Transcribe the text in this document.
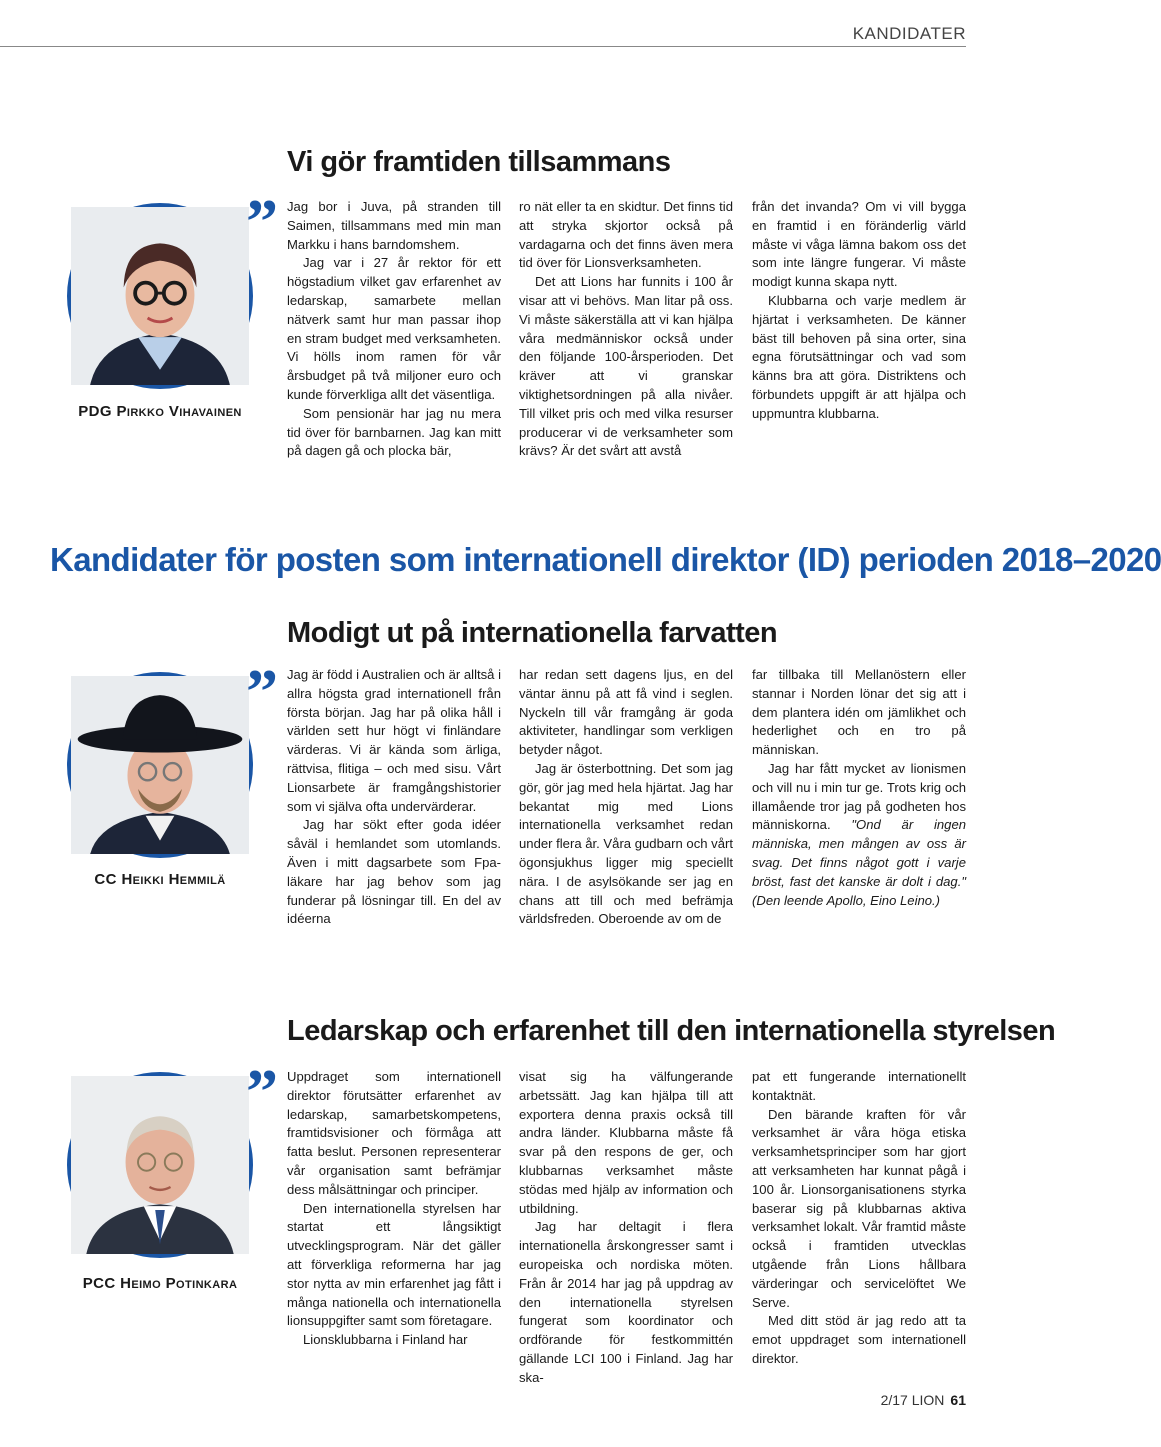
KANDIDATER
Vi gör framtiden tillsammans
PDG Pirkko Vihavainen
” Jag bor i Juva, på stranden till Saimen, tillsammans med min man Markku i hans barndomshem.

Jag var i 27 år rektor för ett högstadium vilket gav erfarenhet av ledarskap, samarbete mellan nätverk samt hur man passar ihop en stram budget med verksamheten. Vi hölls inom ramen för vår årsbudget på två miljoner euro och kunde förverkliga allt det väsentliga.

Som pensionär har jag nu mera tid över för barnbarnen. Jag kan mitt på dagen gå och plocka bär,

ro nät eller ta en skidtur. Det finns tid att stryka skjortor också på vardagarna och det finns även mera tid över för Lionsverksamheten.

Det att Lions har funnits i 100 år visar att vi behövs. Man litar på oss. Vi måste säkerställa att vi kan hjälpa våra medmänniskor också under den följande 100-årsperioden. Det kräver att vi granskar viktighetsordningen på alla nivåer. Till vilket pris och med vilka resurser producerar vi de verksamheter som krävs? Är det svårt att avstå

från det invanda? Om vi vill bygga en framtid i en föränderlig värld måste vi våga lämna bakom oss det som inte längre fungerar. Vi måste modigt kunna skapa nytt.

Klubbarna och varje medlem är hjärtat i verksamheten. De känner bäst till behoven på sina orter, sina egna förutsättningar och vad som känns bra att göra. Distriktens och förbundets uppgift är att hjälpa och uppmuntra klubbarna.

Kandidater för posten som internationell direktor (ID) perioden 2018–2020
Modigt ut på internationella farvatten
CC Heikki Hemmilä
” Jag är född i Australien och är alltså i allra högsta grad internationell från första början. Jag har på olika håll i världen sett hur högt vi finländare värderas. Vi är kända som ärliga, rättvisa, flitiga – och med sisu. Vårt Lionsarbete är framgångshistorier som vi själva ofta undervärderar.

Jag har sökt efter goda idéer såväl i hemlandet som utomlands. Även i mitt dagsarbete som Fpa-läkare har jag behov som jag funderar på lösningar till. En del av idéerna

har redan sett dagens ljus, en del väntar ännu på att få vind i seglen. Nyckeln till vår framgång är goda aktiviteter, handlingar som verkligen betyder något.

Jag är österbottning. Det som jag gör, gör jag med hela hjärtat. Jag har bekantat mig med Lions internationella verksamhet redan under flera år. Våra gudbarn och vårt ögonsjukhus ligger mig speciellt nära. I de asylsökande ser jag en chans att till och med befrämja världsfreden. Oberoende av om de

far tillbaka till Mellanöstern eller stannar i Norden lönar det sig att i dem plantera idén om jämlikhet och hederlighet och en tro på människan.

Jag har fått mycket av lionismen och vill nu i min tur ge. Trots krig och illamående tror jag på godheten hos människorna. "Ond är ingen människa, men mången av oss är svag. Det finns något gott i varje bröst, fast det kanske är dolt i dag." (Den leende Apollo, Eino Leino.)

Ledarskap och erfarenhet till den internationella styrelsen
PCC Heimo Potinkara
” Uppdraget som internationell direktor förutsätter erfarenhet av ledarskap, samarbetskompetens, framtidsvisioner och förmåga att fatta beslut. Personen representerar vår organisation samt befrämjar dess målsättningar och principer.

Den internationella styrelsen har startat ett långsiktigt utvecklingsprogram. När det gäller att förverkliga reformerna har jag stor nytta av min erfarenhet jag fått i många nationella och internationella lionsuppgifter samt som företagare.

Lionsklubbarna i Finland har

visat sig ha välfungerande arbetssätt. Jag kan hjälpa till att exportera denna praxis också till andra länder. Klubbarna måste få svar på den respons de ger, och klubbarnas verksamhet måste stödas med hjälp av information och utbildning.

Jag har deltagit i flera internationella årskongresser samt i europeiska och nordiska möten. Från år 2014 har jag på uppdrag av den internationella styrelsen fungerat som koordinator och ordförande för festkommittén gällande LCI 100 i Finland. Jag har ska-

pat ett fungerande internationellt kontaktnät.

Den bärande kraften för vår verksamhet är våra höga etiska verksamhetsprinciper som har gjort att verksamheten har kunnat pågå i 100 år. Lionsorganisationens styrka baserar sig på klubbarnas aktiva verksamhet lokalt. Vår framtid måste också i framtiden utvecklas utgående från Lions hållbara värderingar och servicelöftet We Serve.

Med ditt stöd är jag redo att ta emot uppdraget som internationell direktor.

2/17 LION 61
